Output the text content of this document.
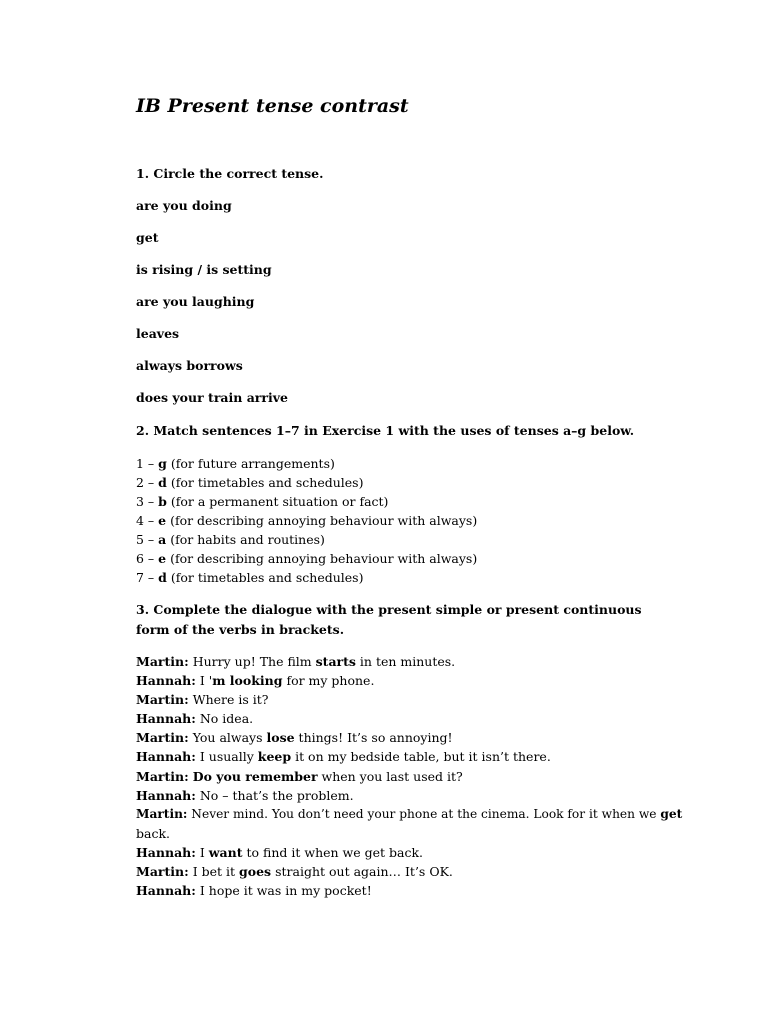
IB Present tense contrast

1. Circle the correct tense.

are you doing

get

is rising / is setting

are you laughing

leaves

always borrows

does your train arrive

2. Match sentences 1–7 in Exercise 1 with the uses of tenses a–g below.

1 – g (for future arrangements)

2 – d (for timetables and schedules)

3 – b (for a permanent situation or fact)

4 – e (for describing annoying behaviour with always)

5 – a (for habits and routines)

6 – e (for describing annoying behaviour with always)

7 – d (for timetables and schedules)

3. Complete the dialogue with the present simple or present continuous form of the verbs in brackets.

Martin: Hurry up! The film starts in ten minutes.

Hannah: I 'm looking for my phone.

Martin: Where is it?

Hannah: No idea.

Martin: You always lose things! It’s so annoying!

Hannah: I usually keep it on my bedside table, but it isn’t there.

Martin: Do you remember when you last used it?

Hannah: No – that’s the problem.

Martin: Never mind. You don’t need your phone at the cinema. Look for it when we get

back.

Hannah: I want to find it when we get back.

Martin: I bet it goes straight out again… It’s OK.

Hannah: I hope it was in my pocket!
